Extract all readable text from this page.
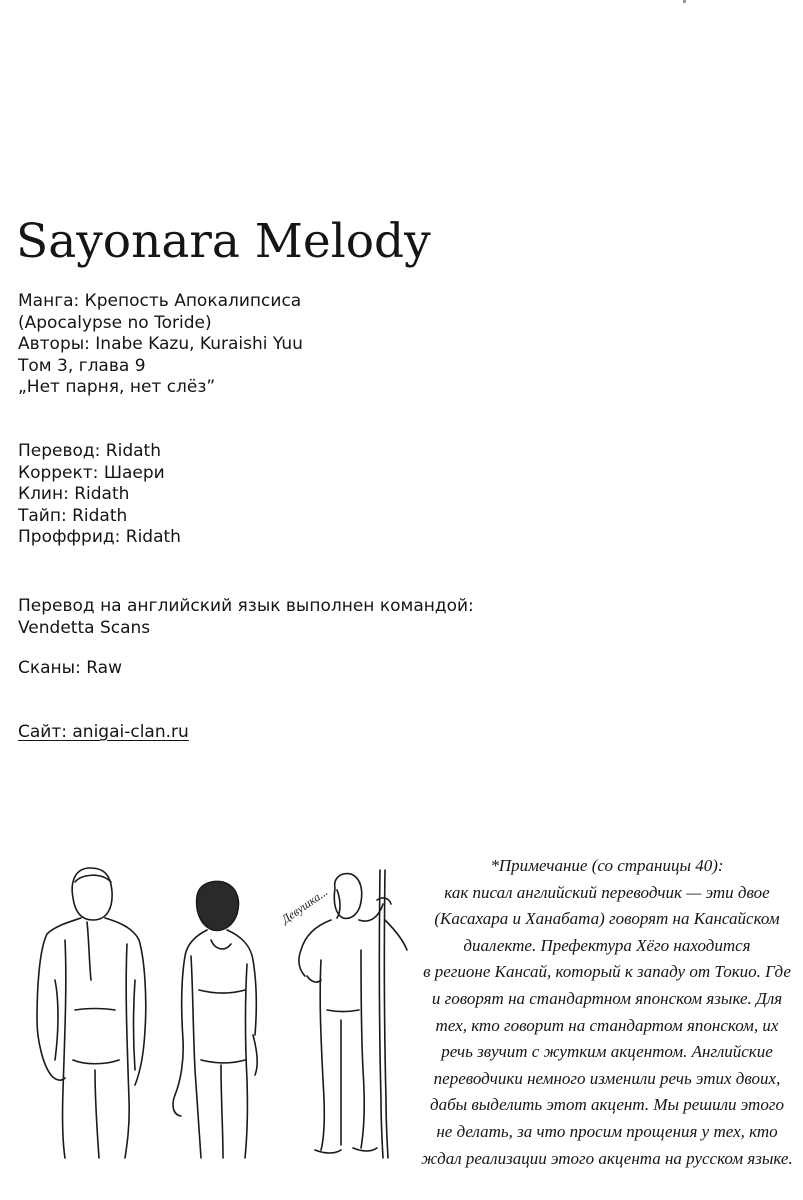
Sayonara Melody
Манга: Крепость Апокалипсиса
(Apocalypse no Toride)
Авторы: Inabe Kazu, Kuraishi Yuu
Том 3, глава 9
„Нет парня, нет слёз”
Перевод: Ridath
Коррект: Шаери
Клин: Ridath
Тайп: Ridath
Проффрид: Ridath
Перевод на английский язык выполнен командой:
Vendetta Scans
Сканы: Raw
Сайт: anigai-clan.ru
Девушка...
*Примечание (со страницы 40):
как писал английский переводчик — эти двое
(Касахара и Ханабата) говорят на Кансайском
диалекте. Префектура Хёго находится
в регионе Кансай, который к западу от Токио. Где
и говорят на стандартном японском языке. Для
тех, кто говорит на стандартом японском, их
речь звучит с жутким акцентом. Английские
переводчики немного изменили речь этих двоих,
дабы выделить этот акцент. Мы решили этого
не делать, за что просим прощения у тех, кто
ждал реализации этого акцента на русском языке.
